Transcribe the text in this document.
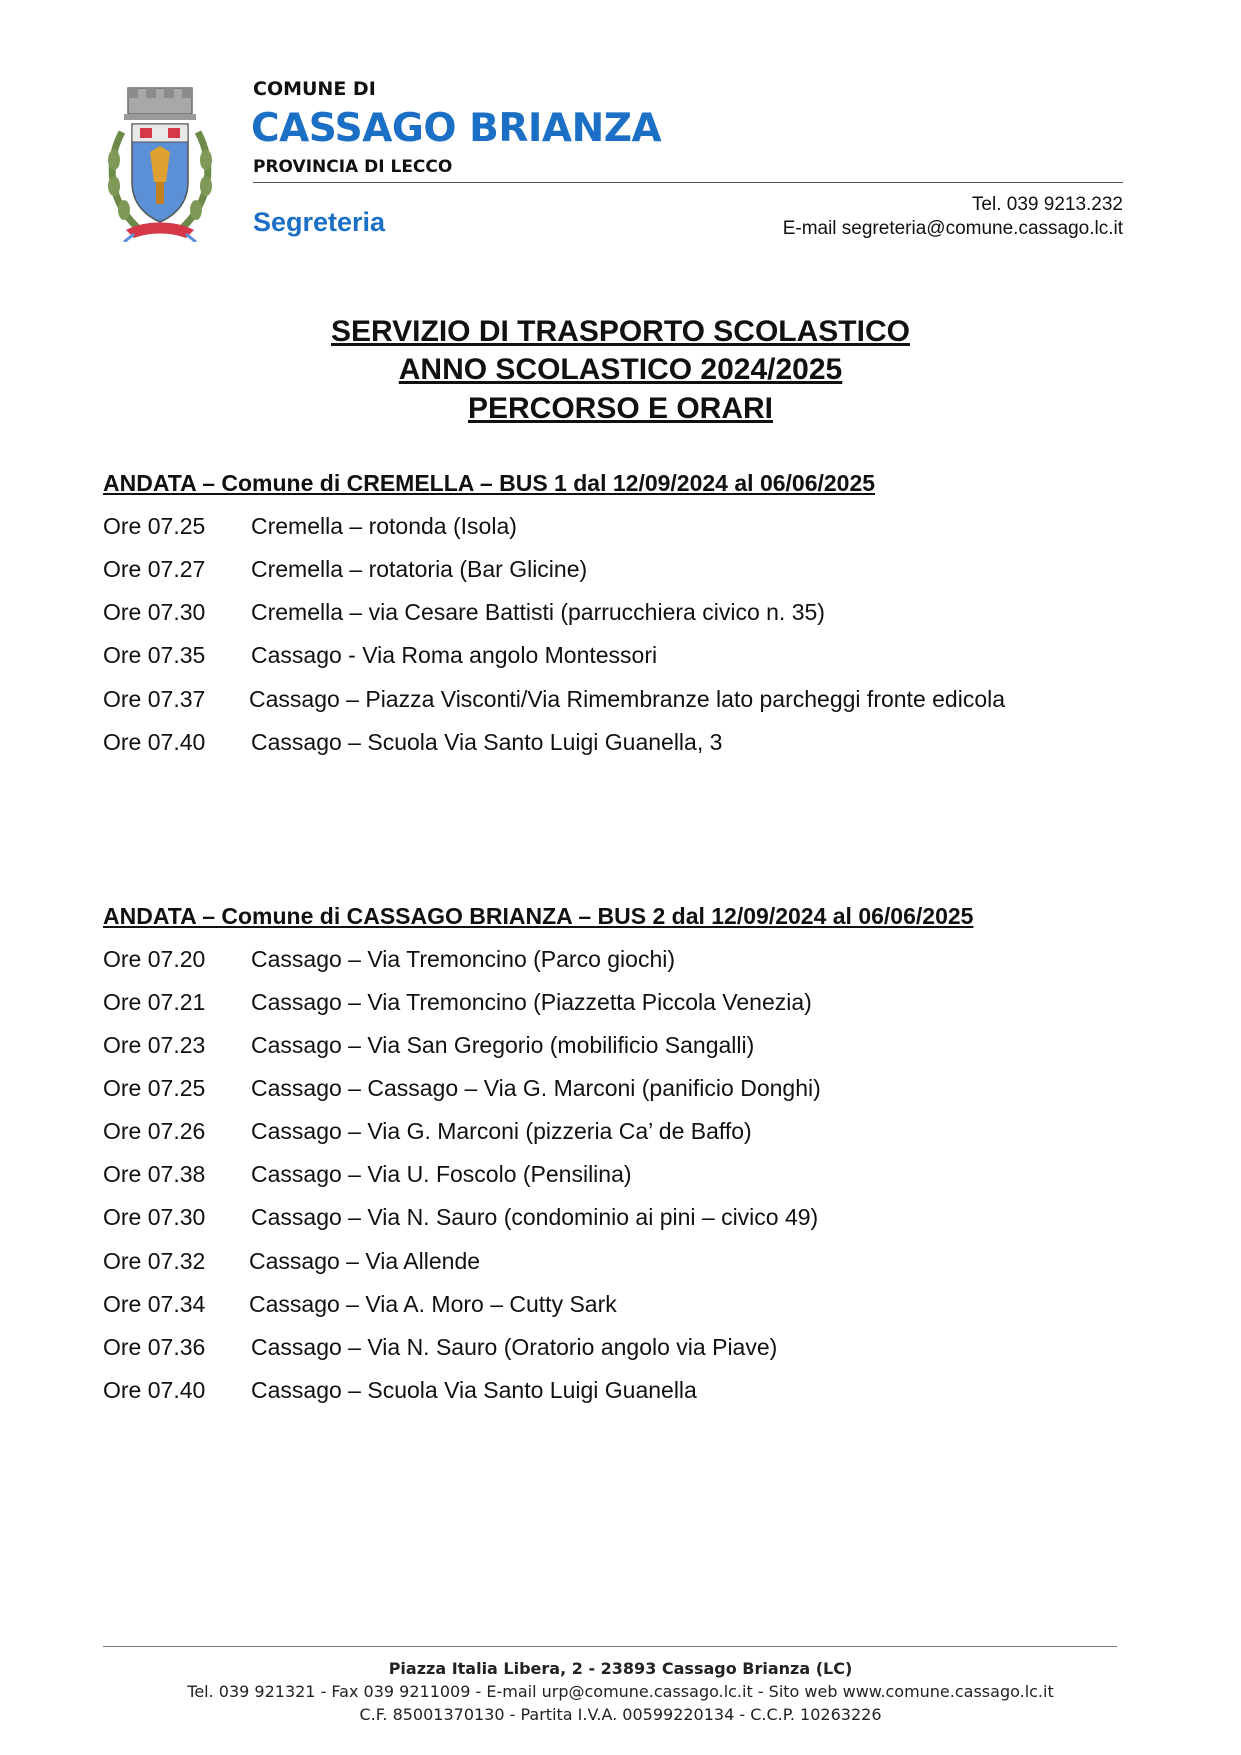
COMUNE DI
CASSAGO BRIANZA
PROVINCIA DI LECCO
Segreteria
Tel. 039 9213.232
E-mail segreteria@comune.cassago.lc.it
SERVIZIO DI TRASPORTO SCOLASTICO
ANNO SCOLASTICO 2024/2025
PERCORSO E ORARI
ANDATA – Comune di CREMELLA – BUS 1 dal 12/09/2024 al 06/06/2025
Ore 07.25 Cremella – rotonda (Isola)
Ore 07.27 Cremella – rotatoria (Bar Glicine)
Ore 07.30 Cremella – via Cesare Battisti (parrucchiera civico n. 35)
Ore 07.35 Cassago - Via Roma angolo Montessori
Ore 07.37 Cassago – Piazza Visconti/Via Rimembranze lato parcheggi fronte edicola
Ore 07.40 Cassago – Scuola Via Santo Luigi Guanella, 3
ANDATA – Comune di CASSAGO BRIANZA – BUS 2 dal 12/09/2024 al 06/06/2025
Ore 07.20 Cassago – Via Tremoncino (Parco giochi)
Ore 07.21 Cassago – Via Tremoncino (Piazzetta Piccola Venezia)
Ore 07.23 Cassago – Via San Gregorio (mobilificio Sangalli)
Ore 07.25 Cassago – Cassago – Via G. Marconi (panificio Donghi)
Ore 07.26 Cassago – Via G. Marconi (pizzeria Ca’ de Baffo)
Ore 07.38 Cassago – Via U. Foscolo (Pensilina)
Ore 07.30 Cassago – Via N. Sauro (condominio ai pini – civico 49)
Ore 07.32 Cassago – Via Allende
Ore 07.34 Cassago – Via A. Moro – Cutty Sark
Ore 07.36 Cassago – Via N. Sauro (Oratorio angolo via Piave)
Ore 07.40 Cassago – Scuola Via Santo Luigi Guanella
Piazza Italia Libera, 2 - 23893 Cassago Brianza (LC)
Tel. 039 921321 - Fax 039 9211009 - E-mail urp@comune.cassago.lc.it - Sito web www.comune.cassago.lc.it
C.F. 85001370130 - Partita I.V.A. 00599220134 - C.C.P. 10263226
